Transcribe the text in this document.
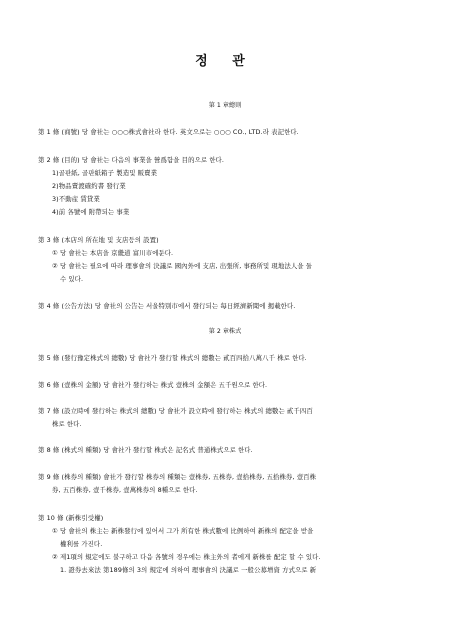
정 관
第 1 章總則
第 1 條 (商號) 당 會社는 ○○○株式會社라 한다. 英文으로는 ○○○ CO., LTD.라 表記한다.
第 2 條 (目的) 당 會社는 다음의 事業을 營爲함을 目的으로 한다.
1)골판紙, 골판紙箱子 製造및 販賣業
2)物品賣渡確約書 發行業
3)不動産 賃貸業
4)前 各號에 附帶되는 事業
第 3 條 (本店의 所在地 및 支店등의 設置)
① 당 會社는 本店을 京畿道 富川市에둔다.
② 당 會社는 필요에 따라 理事會의 決議로 國內外에 支店, 出張所, 事務所및 現地法人을 둘
수 있다.
第 4 條 (公告方法) 당 會社의 公告는 서울特別市에서 發行되는 每日經濟新聞에 揭載한다.
第 2 章株式
第 5 條 (發行豫定株式의 總數) 당 會社가 發行할 株式의 總數는 貳百四拾八萬八千 株로 한다.
第 6 條 (壹株의 金額) 당 會社가 發行하는 株式 壹株의 金額은 五千원으로 한다.
第 7 條 (設立時에 發行하는 株式의 總數) 당 會社가 設立時에 發行하는 株式의 總數는 貳千四百
株로 한다.
第 8 條 (株式의 種類) 당 會社가 發行할 株式은 記名式 普通株式으로 한다.
第 9 條 (株券의 種類) 會社가 發行할 株券의 種類는 壹株券, 五株券, 壹拾株券, 五拾株券, 壹百株
券, 五百株券, 壹千株券, 壹萬株券의 8種으로 한다.
第 10 條 (新株引受權)
① 당 會社의 株主는 新株發行에 있어서 그가 所有한 株式數에 比例하여 新株의 配定을 받을
權利를 가진다.
② 제1項의 規定에도 불구하고 다음 各號의 경우에는 株主外의 者에게 新株를 配定 할 수 있다.
1. 證券去來法 第189條의 3의 規定에 의하여 理事會의 決議로 一般公募增資 方式으로 新
